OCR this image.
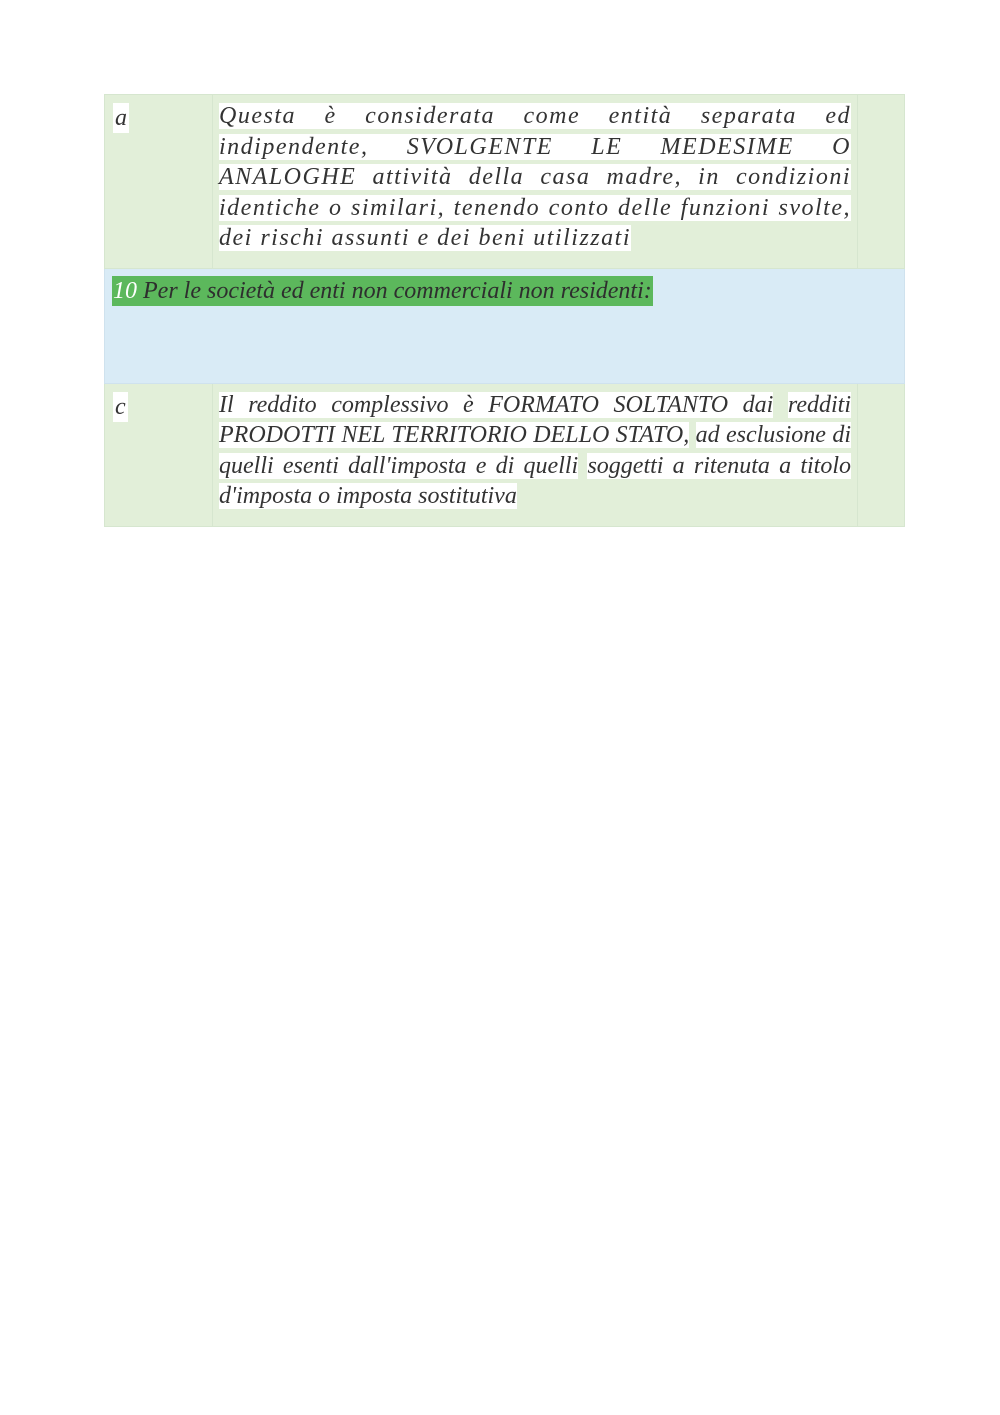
a	Questa è considerata come entità separata ed indipendente, SVOLGENTE LE MEDESIME O ANALOGHE attività della casa madre, in condizioni identiche o similari, tenendo conto delle funzioni svolte, dei rischi assunti e dei beni utilizzati	

10 Per le società ed enti non commerciali non residenti:		
c	Il reddito complessivo è FORMATO SOLTANTO dai redditi PRODOTTI NEL TERRITORIO DELLO STATO, ad esclusione di quelli esenti dall'imposta e di quelli soggetti a ritenuta a titolo d'imposta o imposta sostitutiva	
